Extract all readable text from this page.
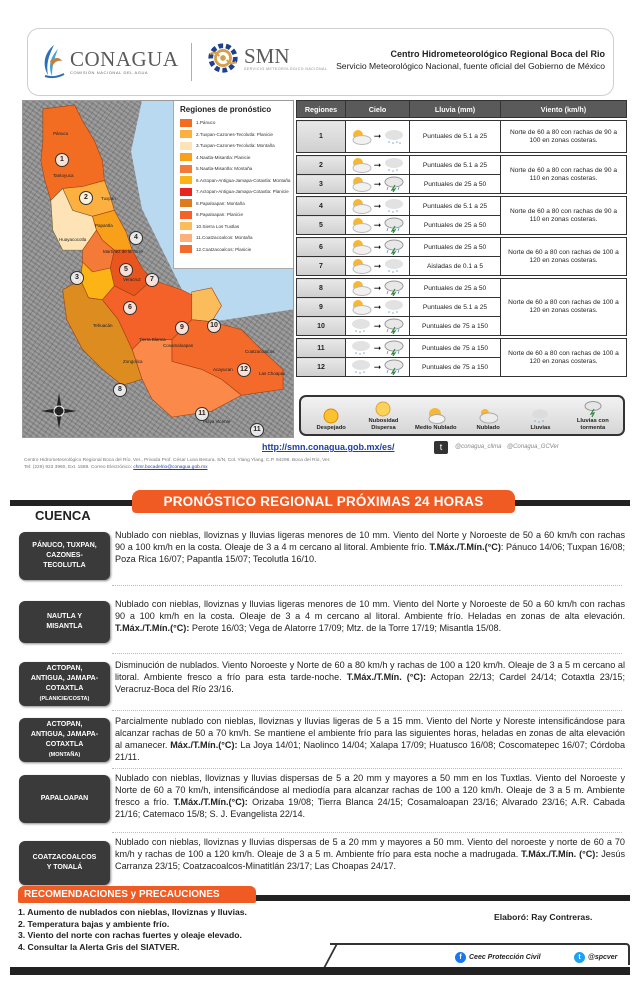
CONAGUA
COMISIÓN NACIONAL DEL AGUA
SMN
SERVICIO METEOROLÓGICO NACIONAL
Centro Hidrometeorológico Regional Boca del Rio
Servicio Meteorológico Nacional, fuente oficial del Gobierno de México
Regiones de pronóstico
1.Pánuco
2.Tuxpan-Cazones-Tecolutla: Planicie
3.Tuxpan-Cazones-Tecolutla: Montaña
4.Nautla-Misantla: Planicie
5.Nautla-Misantla: Montaña
6.Actopan-Antigua-Jamapa-Cotaxtla: Montaña
7.Actopan-Antigua-Jamapa-Cotaxtla: Planicie
8.Papaloapan: Montaña
9.Papaloapan: Planicie
10.Sierra Los Tuxtlas
11.Coatzacoalcos: Montaña
12.Coatzacoalcos: Planicie
1
2
3
4
5
6
7
8
9	10
11
11
12
Pánuco
Tantoyuca
Tuxpan
Papantla
Huayacocotla
Martínez de la Torre
Veracruz
Tierra Blanca
Cosamaloapan
Acayucan
Coatzacoalcos
Las Choapas
Playa Vicente
Zongolica
Tehuacán
Regiones	Cielo	Lluvia (mm)	Viento (km/h)

1	➞	Puntuales de 5.1 a 25	Norte de 60 a 80 con rachas de 90 a 100 en zonas costeras.

2	➞	Puntuales de 5.1 a 25	Norte de 60 a 80 con rachas de 90 a 110 en zonas costeras.
3	➞	Puntuales de 25 a 50	

4	➞	Puntuales de 5.1 a 25	Norte de 60 a 80 con rachas de 90 a 110 en zonas costeras.
5	➞	Puntuales de 25 a 50	

6	➞	Puntuales de 25 a 50	Norte de 60 a 80 con rachas de 100 a 120 en zonas costeras.
7	➞	Aisladas de 0.1 a 5	

8	➞	Puntuales de 25 a 50	Norte de 60 a 80 con rachas de 100 a 120 en zonas costeras.
9	➞	Puntuales de 5.1 a 25	
10	➞	Puntuales de 75 a 150	

11	➞	Puntuales de 75 a 150	Norte de 60 a 80 con rachas de 100 a 120 en zonas costeras.
12	➞	Puntuales de 75 a 150	
Despejado
Nubosidad Dispersa	Medio Nublado	Nublado	Lluvias
Lluvias con tormenta
http://smn.conagua.gob.mx/es/	t	@conagua_clima @Conagua_GCVer
Centro Hidrometeorológico Regional Boca del Río, Ver., Privada Prof. César Luna Besura, S/N, Col. Ylang Ylang, C.P. 94298, Boca del Río, Ver.
Tel: (229) 923 3960, Ext. 1588. Correo Electrónico: chmr.bocadelrio@conagua.gob.mx
PRONÓSTICO REGIONAL PRÓXIMAS 24 HORAS
CUENCA
PÁNUCO, TUXPAN,
CAZONES-
TECOLUTLA
Nublado con nieblas, lloviznas y lluvias ligeras menores de 10 mm. Viento del Norte y Noroeste de 50 a 60 km/h con rachas 90 a 100 km/h en la costa. Oleaje de 3 a 4 m cercano al litoral. Ambiente frío. T.Máx./T.Mín.(°C): Pánuco 14/06; Tuxpan 16/08; Poza Rica 16/07; Papantla 15/07; Tecolutla 16/10.
NAUTLA Y
MISANTLA
Nublado con nieblas, lloviznas y lluvias ligeras menores de 10 mm. Viento del Norte y Noroeste de 50 a 60 km/h con rachas 90 a 100 km/h en la costa. Oleaje de 3 a 4 m cercano al litoral. Ambiente frío. Heladas en zonas de alta elevación. T.Máx./T.Mín.(°C): Perote 16/03; Vega de Alatorre 17/09; Mtz. de la Torre 17/19; Misantla 15/08.
ACTOPAN,
ANTIGUA, JAMAPA-
COTAXTLA
(PLANICIE/COSTA)
Disminución de nublados. Viento Noroeste y Norte de 60 a 80 km/h y rachas de 100 a 120 km/h. Oleaje de 3 a 5 m cercano al litoral. Ambiente fresco a frío para esta tarde-noche. T.Máx./T.Mín. (°C): Actopan 22/13; Cardel 24/14; Cotaxtla 23/15; Veracruz-Boca del Río 23/16.
ACTOPAN,
ANTIGUA, JAMAPA-
COTAXTLA
(MONTAÑA)
Parcialmente nublado con nieblas, lloviznas y lluvias ligeras de 5 a 15 mm. Viento del Norte y Noreste intensificándose para alcanzar rachas de 50 a 70 km/h. Se mantiene el ambiente frío para las siguientes horas, heladas en zonas de alta elevación al amanecer. Máx./T.Mín.(°C): La Joya 14/01; Naolinco 14/04; Xalapa 17/09; Huatusco 16/08; Coscomatepec 16/07; Córdoba 21/11.
PAPALOAPAN
Nublado con nieblas, lloviznas y lluvias dispersas de 5 a 20 mm y mayores a 50 mm en los Tuxtlas. Viento del Noroeste y Norte de 60 a 70 km/h, intensificándose al mediodía para alcanzar rachas de 100 a 120 km/h. Oleaje de 3 a 5 m. Ambiente fresco a frío. T.Máx./T.Mín.(°C): Orizaba 19/08; Tierra Blanca 24/15; Cosamaloapan 23/16; Alvarado 23/16; A.R. Cabada 21/16; Catemaco 15/8; S. J. Evangelista 22/14.
COATZACOALCOS
Y TONALÁ
Nublado con nieblas, lloviznas y lluvias dispersas de 5 a 20 mm y mayores a 50 mm. Viento del noroeste y norte de 60 a 70 km/h y rachas de 100 a 120 km/h. Oleaje de 3 a 5 m. Ambiente frío para esta noche a madrugada. T.Máx./T.Mín. (°C): Jesús Carranza 23/15; Coatzacoalcos-Minatitlán 23/17; Las Choapas 24/17.
RECOMENDACIONES y PRECAUCIONES
1. Aumento de nublados con nieblas, lloviznas y lluvias.
2. Temperatura bajas y ambiente frío.
3. Viento del norte con rachas fuertes y oleaje elevado.
4. Consultar la Alerta Gris del SIATVER.
Elaboró: Ray Contreras.
f	Ceec Protección Civil	t	@spcver
